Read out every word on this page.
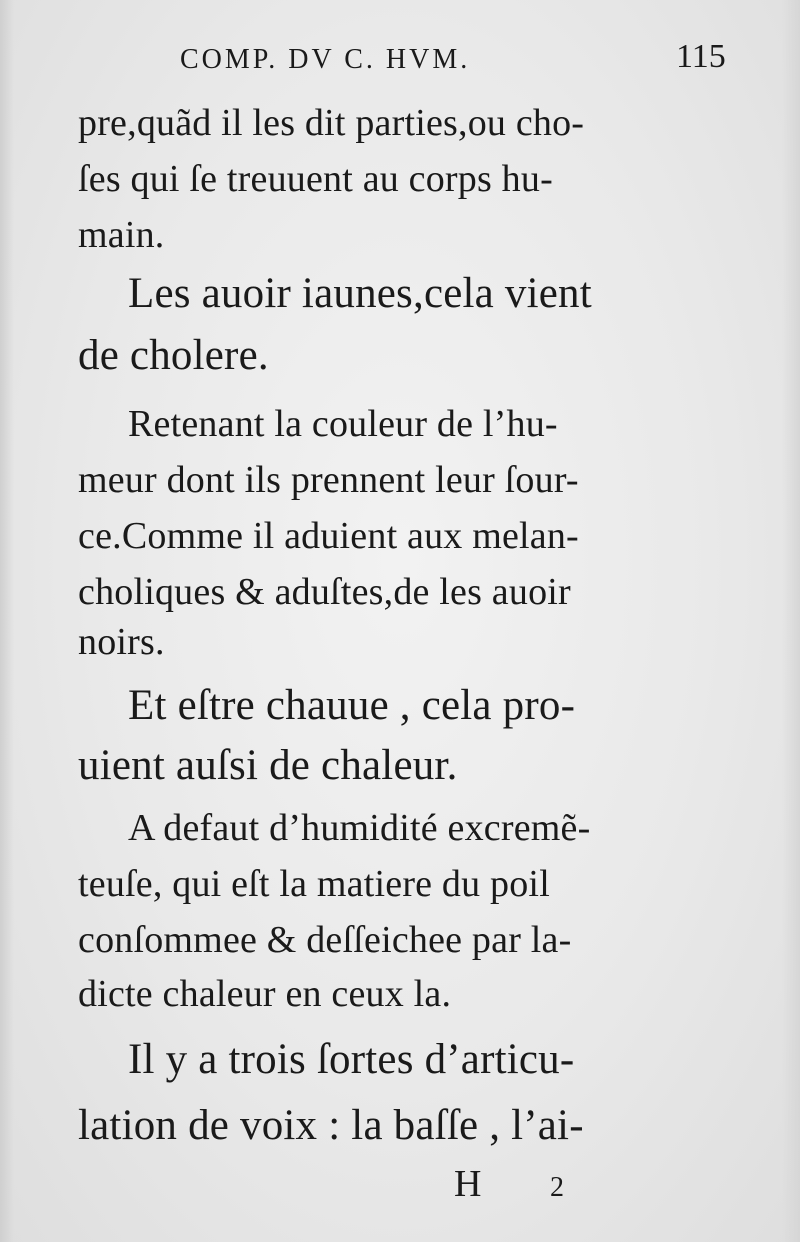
COMP. DV C. HVM.	115
pre,quãd il les dit parties,ou cho-
ſes qui ſe treuuent au corps hu-
main.
Les auoir iaunes,cela vient
de cholere.
Retenant la couleur de l’hu-
meur dont ils prennent leur ſour-
ce.Comme il aduient aux melan-
choliques & aduſtes,de les auoir
noirs.
Et eſtre chauue , cela pro-
uient auſsi de chaleur.
A defaut d’humidité excremẽ-
teuſe, qui eſt la matiere du poil
conſommee & deſſeichee par la-
dicte chaleur en ceux la.
Il y a trois ſortes d’articu-
lation de voix : la baſſe , l’ai-
H 2
